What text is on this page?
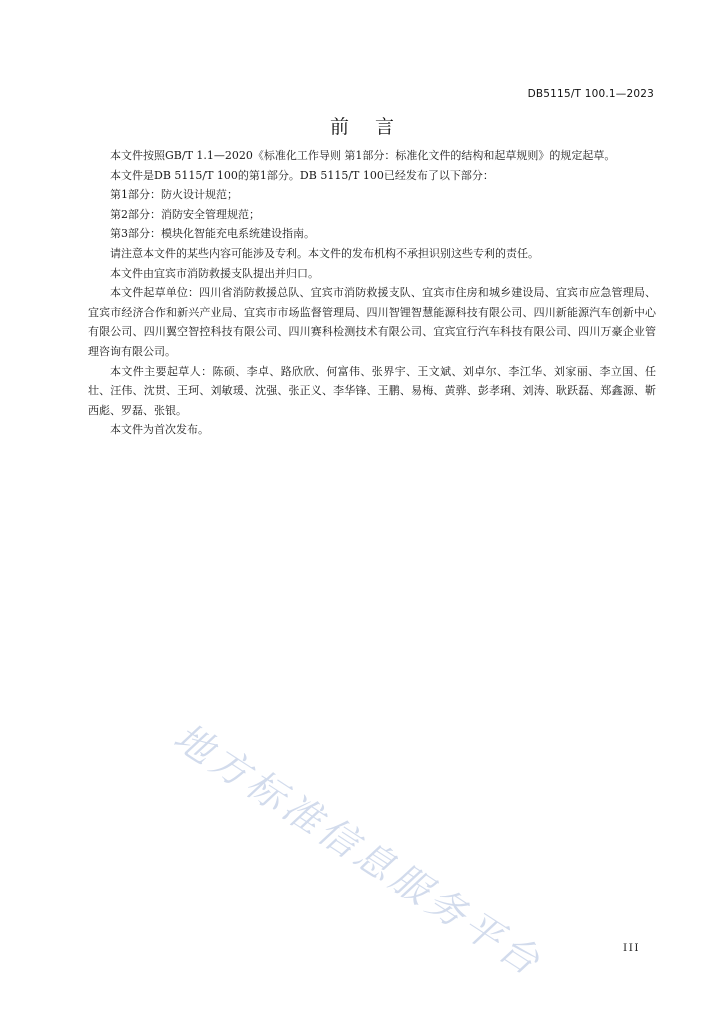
DB5115/T 100.1—2023
前言

本文件按照GB/T 1.1—2020《标准化工作导则 第1部分：标准化文件的结构和起草规则》的规定起草。

本文件是DB 5115/T 100的第1部分。DB 5115/T 100已经发布了以下部分：

第1部分：防火设计规范；

第2部分：消防安全管理规范；

第3部分：模块化智能充电系统建设指南。

请注意本文件的某些内容可能涉及专利。本文件的发布机构不承担识别这些专利的责任。

本文件由宜宾市消防救援支队提出并归口。

本文件起草单位：四川省消防救援总队、宜宾市消防救援支队、宜宾市住房和城乡建设局、宜宾市应急管理局、宜宾市经济合作和新兴产业局、宜宾市市场监督管理局、四川智锂智慧能源科技有限公司、四川新能源汽车创新中心有限公司、四川翼空智控科技有限公司、四川赛科检测技术有限公司、宜宾宜行汽车科技有限公司、四川万豪企业管理咨询有限公司。

本文件主要起草人：陈硕、李卓、路欣欣、何富伟、张界宇、王文斌、刘卓尔、李江华、刘家丽、李立国、任壮、汪伟、沈贯、王珂、刘敏瑗、沈强、张正义、李华锋、王鹏、易梅、黄骅、彭孝琍、刘涛、耿跃磊、郑鑫源、靳西彪、罗磊、张银。

本文件为首次发布。

地方标准信息服务平台	III
